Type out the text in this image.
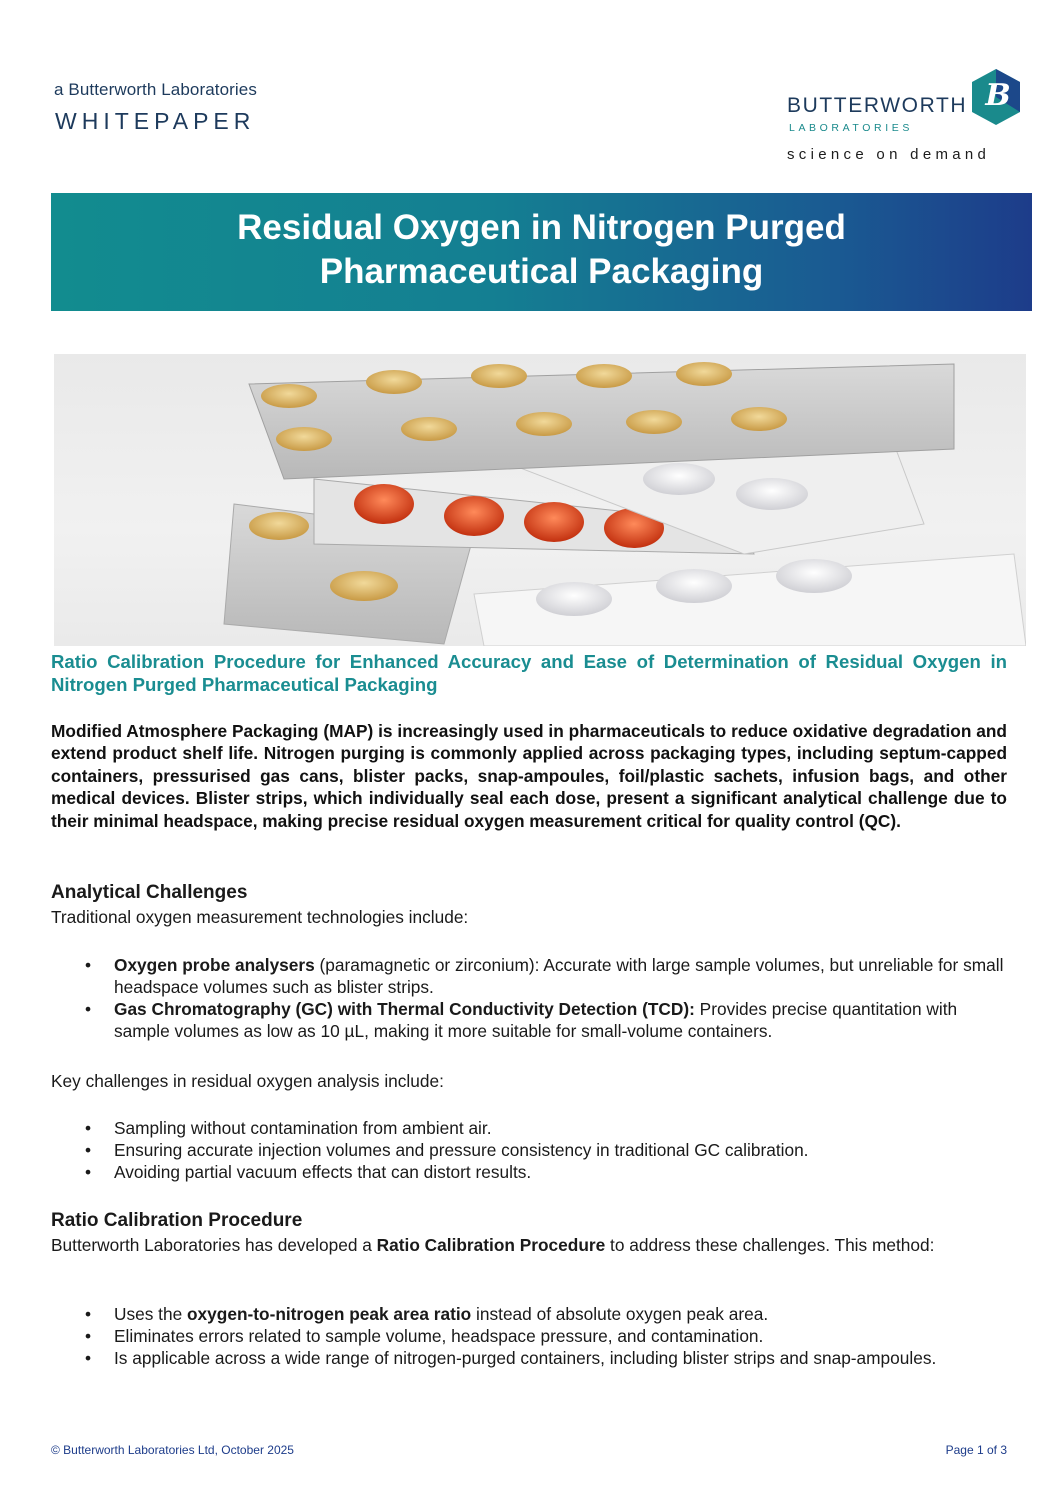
a Butterworth Laboratories
WHITEPAPER
BUTTERWORTH
LABORATORIES
science on demand
B
Residual Oxygen in Nitrogen Purged
Pharmaceutical Packaging
Ratio Calibration Procedure for Enhanced Accuracy and Ease of Determination of Residual Oxygen in Nitrogen Purged Pharmaceutical Packaging
Modified Atmosphere Packaging (MAP) is increasingly used in pharmaceuticals to reduce oxidative degradation and extend product shelf life. Nitrogen purging is commonly applied across packaging types, including septum-capped containers, pressurised gas cans, blister packs, snap-ampoules, foil/plastic sachets, infusion bags, and other medical devices. Blister strips, which individually seal each dose, present a significant analytical challenge due to their minimal headspace, making precise residual oxygen measurement critical for quality control (QC).
Analytical Challenges
Traditional oxygen measurement technologies include:
• Oxygen probe analysers (paramagnetic or zirconium): Accurate with large sample volumes, but unreliable for small headspace volumes such as blister strips.
• Gas Chromatography (GC) with Thermal Conductivity Detection (TCD): Provides precise quantitation with sample volumes as low as 10 µL, making it more suitable for small-volume containers.
Key challenges in residual oxygen analysis include:
• Sampling without contamination from ambient air.
• Ensuring accurate injection volumes and pressure consistency in traditional GC calibration.
• Avoiding partial vacuum effects that can distort results.
Ratio Calibration Procedure
Butterworth Laboratories has developed a Ratio Calibration Procedure to address these challenges. This method:
• Uses the oxygen-to-nitrogen peak area ratio instead of absolute oxygen peak area.
• Eliminates errors related to sample volume, headspace pressure, and contamination.
• Is applicable across a wide range of nitrogen-purged containers, including blister strips and snap-ampoules.
© Butterworth Laboratories Ltd, October 2025	Page 1 of 3
